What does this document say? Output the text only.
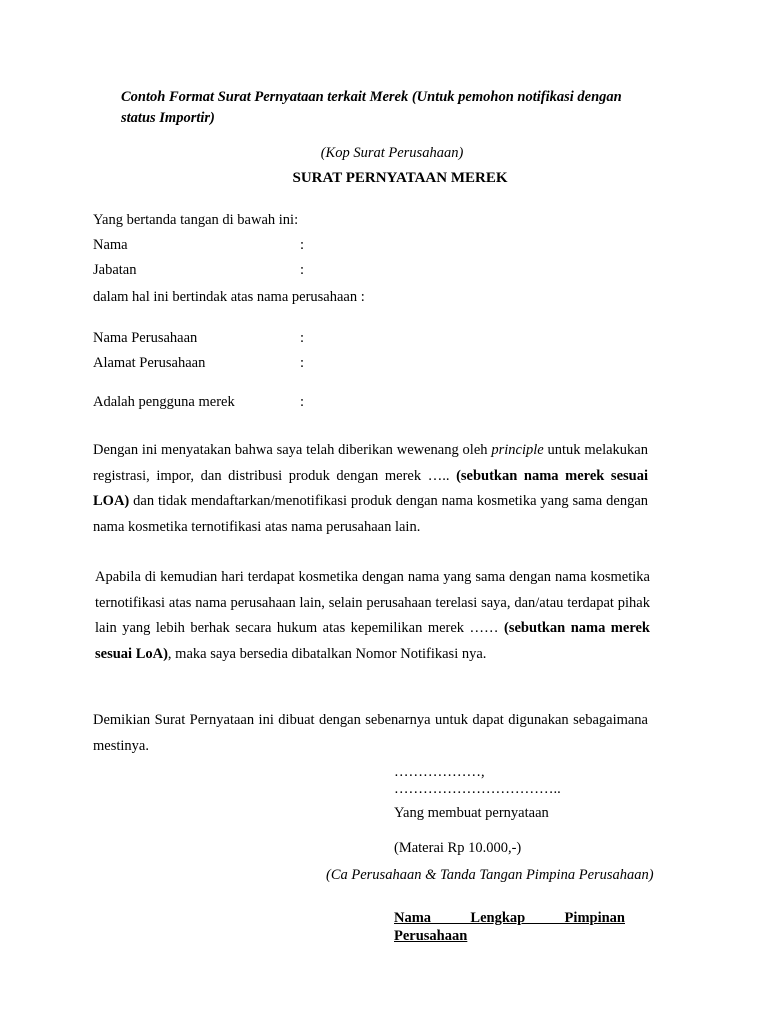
Contoh Format Surat Pernyataan terkait Merek (Untuk pemohon notifikasi dengan status Importir)
(Kop Surat Perusahaan)
SURAT PERNYATAAN MEREK
Yang bertanda tangan di bawah ini:
Nama	:
Jabatan	:
dalam hal ini bertindak atas nama perusahaan :
Nama Perusahaan	:
Alamat Perusahaan	:
Adalah pengguna merek	:
Dengan ini menyatakan bahwa saya telah diberikan wewenang oleh principle untuk melakukan registrasi, impor, dan distribusi produk dengan merek ….. (sebutkan nama merek sesuai LOA) dan tidak mendaftarkan/menotifikasi produk dengan nama kosmetika yang sama dengan nama kosmetika ternotifikasi atas nama perusahaan lain.
Apabila di kemudian hari terdapat kosmetika dengan nama yang sama dengan nama kosmetika ternotifikasi atas nama perusahaan lain, selain perusahaan terelasi saya, dan/atau terdapat pihak lain yang lebih berhak secara hukum atas kepemilikan merek …… (sebutkan nama merek sesuai LoA), maka saya bersedia dibatalkan Nomor Notifikasi nya.
Demikian Surat Pernyataan ini dibuat dengan sebenarnya untuk dapat digunakan sebagaimana mestinya.
………………,
……………………………..
Yang membuat pernyataan
(Materai Rp 10.000,-)
(Ca Perusahaan & Tanda Tangan Pimpina Perusahaan)
Nama Lengkap Pimpinan Perusahaan
